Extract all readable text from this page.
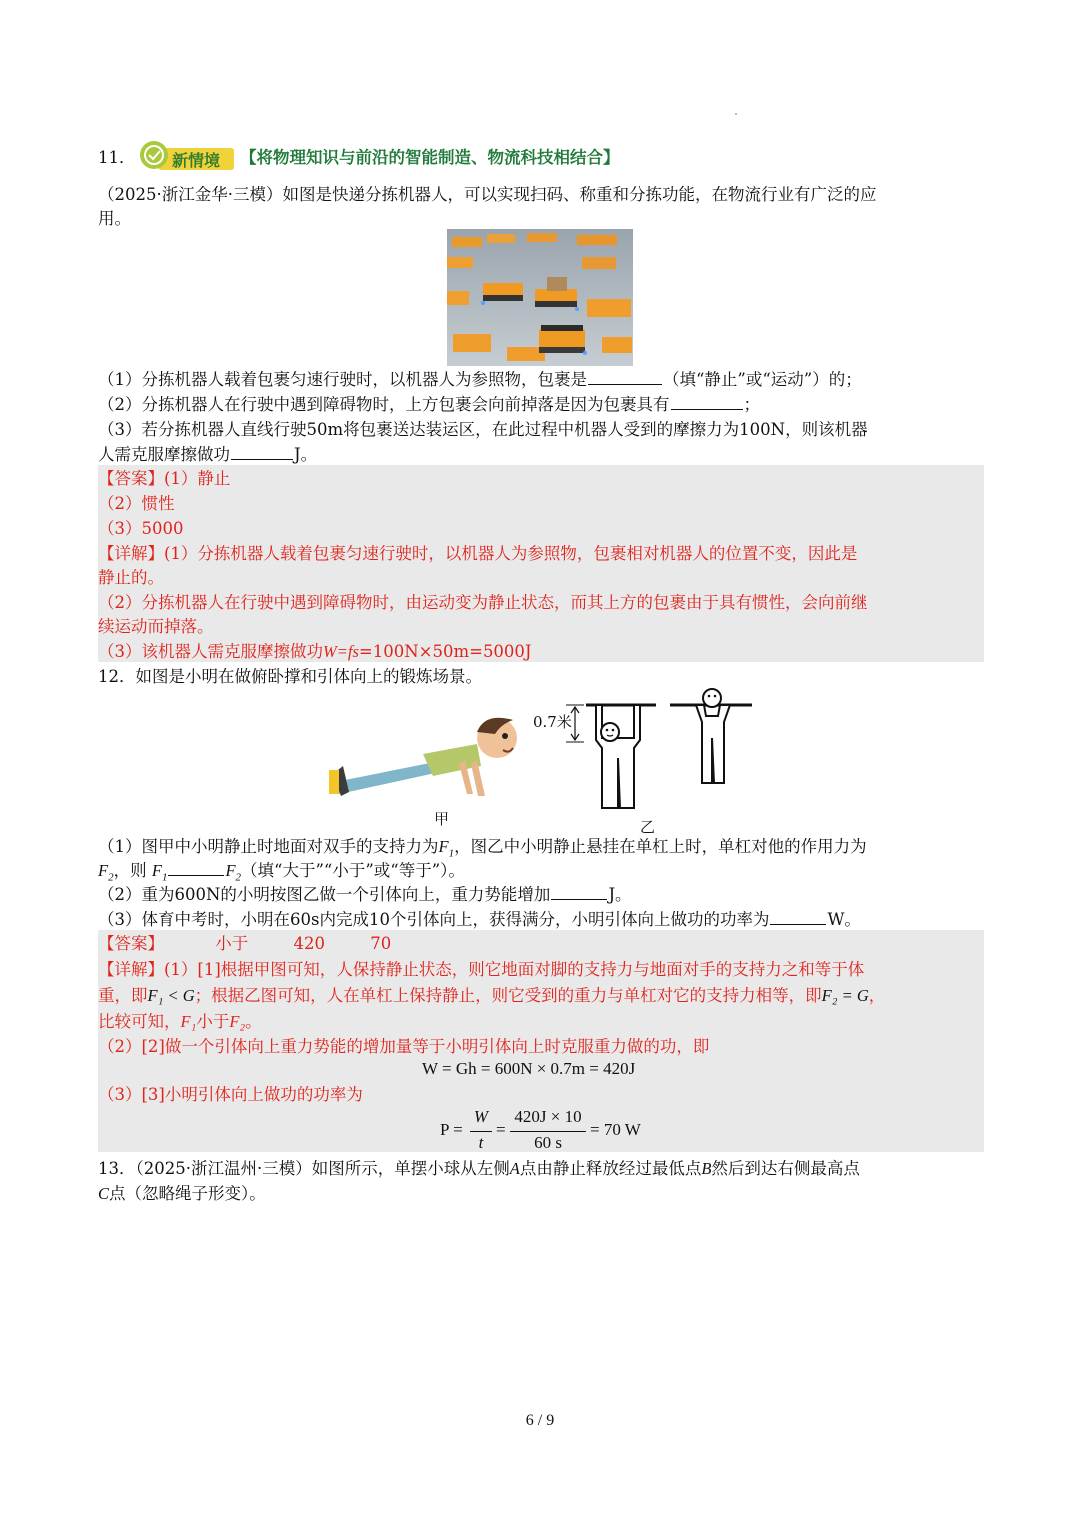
11．	新情境 【将物理知识与前沿的智能制造、物流科技相结合】
（2025·浙江金华·三模）如图是快递分拣机器人，可以实现扫码、称重和分拣功能，在物流行业有广泛的应
用。
（1）分拣机器人载着包裹匀速行驶时，以机器人为参照物，包裹是	（填“静止”或“运动”）的；
（2）分拣机器人在行驶中遇到障碍物时，上方包裹会向前掉落是因为包裹具有	；
（3）若分拣机器人直线行驶50m将包裹送达装运区，在此过程中机器人受到的摩擦力为100N，则该机器
人需克服摩擦做功	J。
【答案】(1）静止
（2）惯性
（3）5000
【详解】(1）分拣机器人载着包裹匀速行驶时，以机器人为参照物，包裹相对机器人的位置不变，因此是
静止的。
（2）分拣机器人在行驶中遇到障碍物时，由运动变为静止状态，而其上方的包裹由于具有惯性，会向前继
续运动而掉落。
（3）该机器人需克服摩擦做功W=fs=100N×50m=5000J
12．如图是小明在做俯卧撑和引体向上的锻炼场景。
甲
0.7米
乙
（1）图甲中小明静止时地面对双手的支持力为$F_1$，图乙中小明静止悬挂在单杠上时，单杠对他的作用力为
$F_2$，则 $F_1$	$F_2$（填“大于”“小于”或“等于”）。
（2）重为600N的小明按图乙做一个引体向上，重力势能增加	J。
（3）体育中考时，小明在60s内完成10个引体向上，获得满分，小明引体向上做功的功率为	W。
【答案】	小于	420	70
【详解】(1）[1]根据甲图可知，人保持静止状态，则它地面对脚的支持力与地面对手的支持力之和等于体
重，即F₁ < G；根据乙图可知，人在单杠上保持静止，则它受到的重力与单杠对它的支持力相等，即F₂ = G，
比较可知，F₁小于F₂。
（2）[2]做一个引体向上重力势能的增加量等于小明引体向上时克服重力做的功，即
W = Gh = 600N × 0.7m = 420J
（3）[3]小明引体向上做功的功率为
P =
W
t
=
420J × 10
60 s
= 70 W
13．（2025·浙江温州·三模）如图所示，单摆小球从左侧A点由静止释放经过最低点B然后到达右侧最高点
C点（忽略绳子形变）。
6 / 9
